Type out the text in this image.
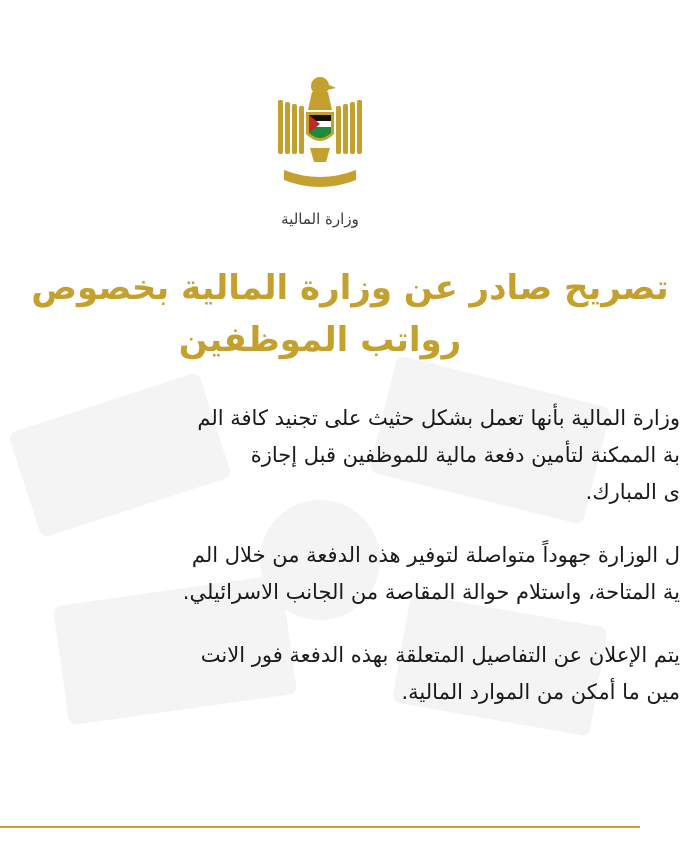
وزارة المالية
تصريح صادر عن وزارة المالية بخصوص
رواتب الموظفين
وزارة المالية بأنها تعمل بشكل حثيث على تجنيد كافة الم
بة الممكنة لتأمين دفعة مالية للموظفين قبل إجازة
ى المبارك.
ل الوزارة جهوداً متواصلة لتوفير هذه الدفعة من خلال الم
ية المتاحة، واستلام حوالة المقاصة من الجانب الاسرائيلي.
يتم الإعلان عن التفاصيل المتعلقة بهذه الدفعة فور الانت
مين ما أمكن من الموارد المالية.
